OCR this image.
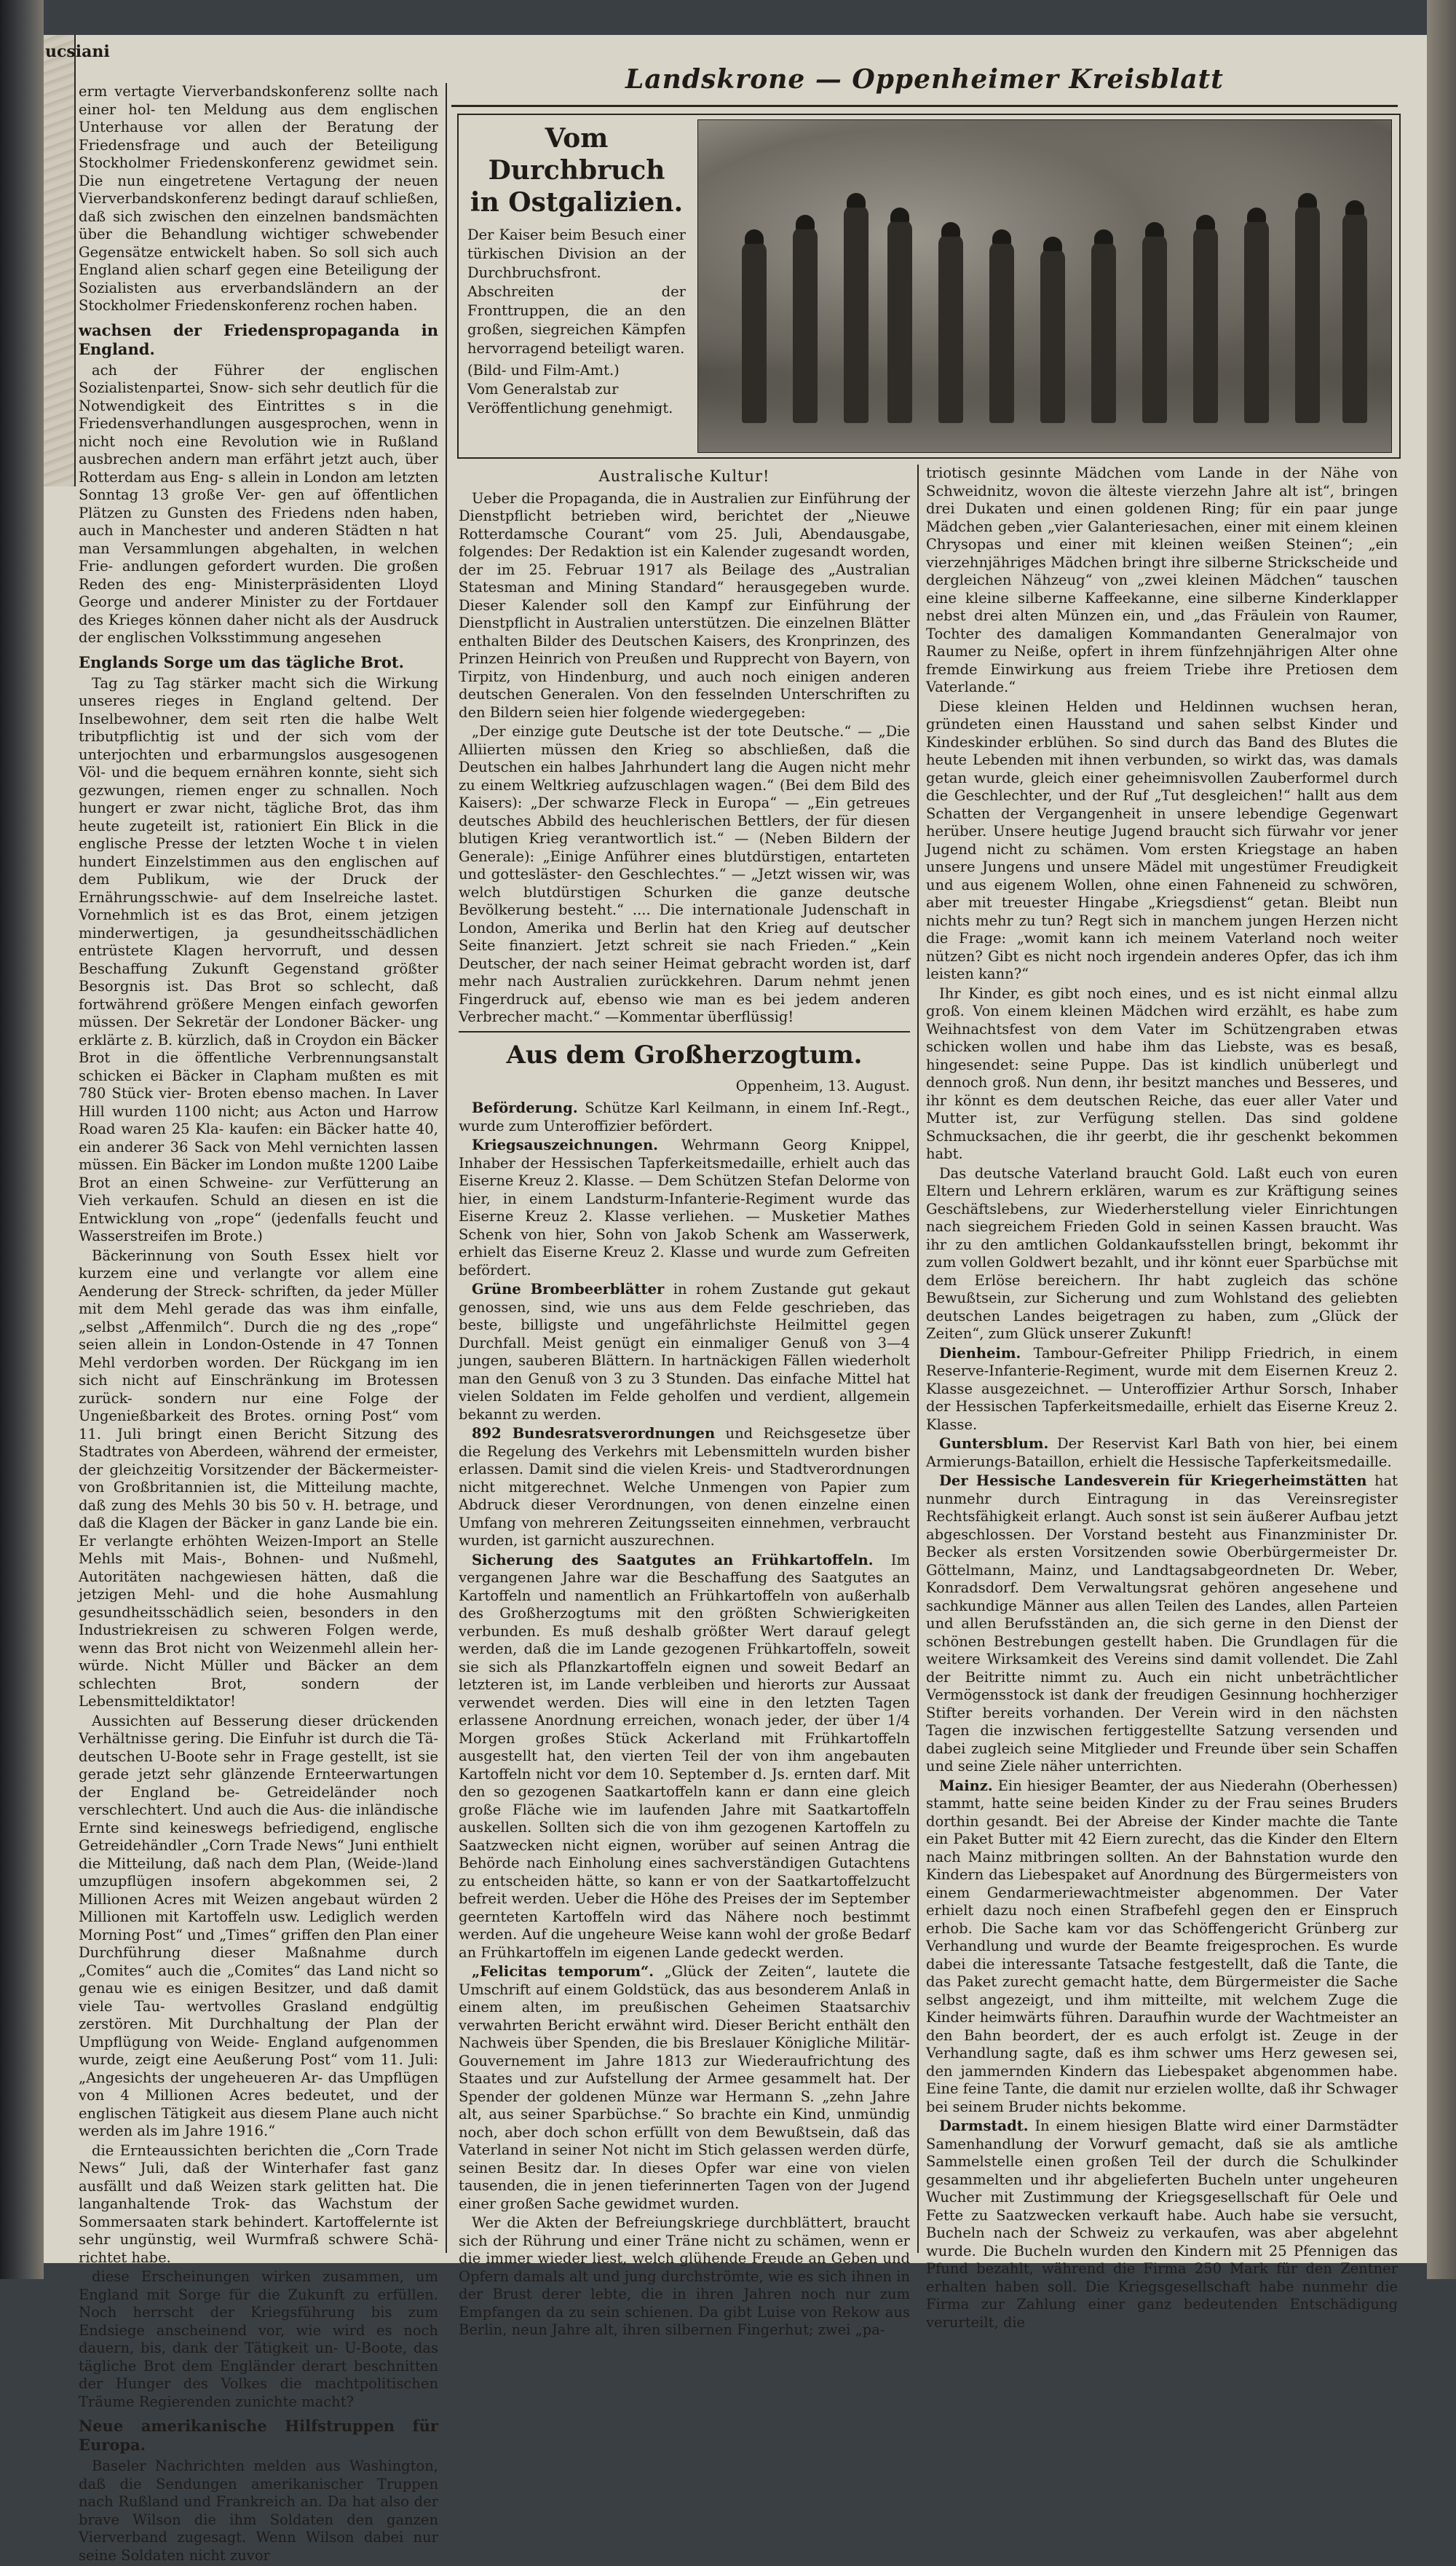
ucsiani
Landskrone — Oppenheimer Kreisblatt

erm vertagte Vierverbandskonferenz sollte nach einer hol- ten Meldung aus dem englischen Unterhause vor allen der Beratung der Friedensfrage und auch der Beteiligung Stockholmer Friedenskonferenz gewidmet sein. Die nun eingetretene Vertagung der neuen Vierverbandskonferenz bedingt darauf schließen, daß sich zwischen den einzelnen bandsmächten über die Behandlung wichtiger schwebender Gegensätze entwickelt haben. So soll sich auch England alien scharf gegen eine Beteiligung der Sozialisten aus erverbandsländern an der Stockholmer Friedenskonferenz rochen haben.

wachsen der Friedenspropaganda in England.

ach der Führer der englischen Sozialistenpartei, Snow- sich sehr deutlich für die Notwendigkeit des Eintrittes s in die Friedensverhandlungen ausgesprochen, wenn in nicht noch eine Revolution wie in Rußland ausbrechen andern man erfährt jetzt auch, über Rotterdam aus Eng- s allein in London am letzten Sonntag 13 große Ver- gen auf öffentlichen Plätzen zu Gunsten des Friedens nden haben, auch in Manchester und anderen Städten n hat man Versammlungen abgehalten, in welchen Frie- andlungen gefordert wurden. Die großen Reden des eng- Ministerpräsidenten Lloyd George und anderer Minister zu der Fortdauer des Krieges können daher nicht als der Ausdruck der englischen Volksstimmung angesehen

Englands Sorge um das tägliche Brot.

Tag zu Tag stärker macht sich die Wirkung unseres rieges in England geltend. Der Inselbewohner, dem seit rten die halbe Welt tributpflichtig ist und der sich vom der unterjochten und erbarmungslos ausgesogenen Völ- und die bequem ernähren konnte, sieht sich gezwungen, riemen enger zu schnallen. Noch hungert er zwar nicht, tägliche Brot, das ihm heute zugeteilt ist, rationiert Ein Blick in die englische Presse der letzten Woche t in vielen hundert Einzelstimmen aus den englischen auf dem Publikum, wie der Druck der Ernährungsschwie- auf dem Inselreiche lastet. Vornehmlich ist es das Brot, einem jetzigen minderwertigen, ja gesundheitsschädlichen entrüstete Klagen hervorruft, und dessen Beschaffung Zukunft Gegenstand größter Besorgnis ist. Das Brot so schlecht, daß fortwährend größere Mengen einfach geworfen müssen. Der Sekretär der Londoner Bäcker- ung erklärte z. B. kürzlich, daß in Croydon ein Bäcker Brot in die öffentliche Verbrennungsanstalt schicken ei Bäcker in Clapham mußten es mit 780 Stück vier- Broten ebenso machen. In Laver Hill wurden 1100 nicht; aus Acton und Harrow Road waren 25 Kla- kaufen: ein Bäcker hatte 40, ein anderer 36 Sack von Mehl vernichten lassen müssen. Ein Bäcker im London mußte 1200 Laibe Brot an einen Schweine- zur Verfütterung an Vieh verkaufen. Schuld an diesen en ist die Entwicklung von „rope“ (jedenfalls feucht und Wasserstreifen im Brote.)

Bäckerinnung von South Essex hielt vor kurzem eine und verlangte vor allem eine Aenderung der Streck- schriften, da jeder Müller mit dem Mehl gerade das was ihm einfalle, „selbst „Affenmilch“. Durch die ng des „rope“ seien allein in London-Ostende in 47 Tonnen Mehl verdorben worden. Der Rückgang im ien sich nicht auf Einschränkung im Brotessen zurück- sondern nur eine Folge der Ungenießbarkeit des Brotes. orning Post“ vom 11. Juli bringt einen Bericht Sitzung des Stadtrates von Aberdeen, während der ermeister, der gleichzeitig Vorsitzender der Bäckermeister- von Großbritannien ist, die Mitteilung machte, daß zung des Mehls 30 bis 50 v. H. betrage, und daß die Klagen der Bäcker in ganz Lande bie ein. Er verlangte erhöhten Weizen-Import an Stelle Mehls mit Mais-, Bohnen- und Nußmehl, Autoritäten nachgewiesen hätten, daß die jetzigen Mehl- und die hohe Ausmahlung gesundheitsschädlich seien, besonders in den Industriekreisen zu schweren Folgen werde, wenn das Brot nicht von Weizenmehl allein her- würde. Nicht Müller und Bäcker an dem schlechten Brot, sondern der Lebensmitteldiktator!

Aussichten auf Besserung dieser drückenden Verhältnisse gering. Die Einfuhr ist durch die Tä- deutschen U-Boote sehr in Frage gestellt, ist sie gerade jetzt sehr glänzende Ernteerwartungen der England be- Getreideländer noch verschlechtert. Und auch die Aus- die inländische Ernte sind keineswegs befriedigend, englische Getreidehändler „Corn Trade News“ Juni enthielt die Mitteilung, daß nach dem Plan, (Weide-)land umzupflügen insofern abgekommen sei, 2 Millionen Acres mit Weizen angebaut würden 2 Millionen mit Kartoffeln usw. Lediglich werden Morning Post“ und „Times“ griffen den Plan einer Durchführung dieser Maßnahme durch „Comites“ auch die „Comites“ das Land nicht so genau wie es einigen Besitzer, und daß damit viele Tau- wertvolles Grasland endgültig zerstören. Mit Durchhaltung der Plan der Umpflügung von Weide- England aufgenommen wurde, zeigt eine Aeußerung Post“ vom 11. Juli: „Angesichts der ungeheueren Ar- das Umpflügen von 4 Millionen Acres bedeutet, und der englischen Tätigkeit aus diesem Plane auch nicht werden als im Jahre 1916.“

die Ernteaussichten berichten die „Corn Trade News“ Juli, daß der Winterhafer fast ganz ausfällt und daß Weizen stark gelitten hat. Die langanhaltende Trok- das Wachstum der Sommersaaten stark behindert. Kartoffelernte ist sehr ungünstig, weil Wurmfraß schwere Schä- richtet habe.

diese Erscheinungen wirken zusammen, um England mit Sorge für die Zukunft zu erfüllen. Noch herrscht der Kriegsführung bis zum Endsiege anscheinend vor, wie wird es noch dauern, bis, dank der Tätigkeit un- U-Boote, das tägliche Brot dem Engländer derart beschnitten der Hunger des Volkes die machtpolitischen Träume Regierenden zunichte macht?

Neue amerikanische Hilfstruppen für Europa.

Baseler Nachrichten melden aus Washington, daß die Sendungen amerikanischer Truppen nach Rußland und Frankreich an. Da hat also der brave Wilson die ihm Soldaten den ganzen Vierverband zugesagt. Wenn Wilson dabei nur seine Soldaten nicht zuvor

Vom Durchbruch
in Ostgalizien.
Der Kaiser beim Besuch einer türkischen Division an der Durchbruchsfront. Abschreiten der Fronttruppen, die an den großen, siegreichen Kämpfen hervorragend beteiligt waren.
(Bild- und Film-Amt.)
Vom Generalstab zur Veröffentlichung genehmigt.
Australische Kultur!

Ueber die Propaganda, die in Australien zur Einführung der Dienstpflicht betrieben wird, berichtet der „Nieuwe Rotterdamsche Courant“ vom 25. Juli, Abendausgabe, folgendes: Der Redaktion ist ein Kalender zugesandt worden, der im 25. Februar 1917 als Beilage des „Australian Statesman and Mining Standard“ herausgegeben wurde. Dieser Kalender soll den Kampf zur Einführung der Dienstpflicht in Australien unterstützen. Die einzelnen Blätter enthalten Bilder des Deutschen Kaisers, des Kronprinzen, des Prinzen Heinrich von Preußen und Rupprecht von Bayern, von Tirpitz, von Hindenburg, und auch noch einigen anderen deutschen Generalen. Von den fesselnden Unterschriften zu den Bildern seien hier folgende wiedergegeben:

„Der einzige gute Deutsche ist der tote Deutsche.“ — „Die Alliierten müssen den Krieg so abschließen, daß die Deutschen ein halbes Jahrhundert lang die Augen nicht mehr zu einem Weltkrieg aufzuschlagen wagen.“ (Bei dem Bild des Kaisers): „Der schwarze Fleck in Europa“ — „Ein getreues deutsches Abbild des heuchlerischen Bettlers, der für diesen blutigen Krieg verantwortlich ist.“ — (Neben Bildern der Generale): „Einige Anführer eines blutdürstigen, entarteten und gottesläster- den Geschlechtes.“ — „Jetzt wissen wir, was welch blutdürstigen Schurken die ganze deutsche Bevölkerung besteht.“ .... Die internationale Judenschaft in London, Amerika und Berlin hat den Krieg auf deutscher Seite finanziert. Jetzt schreit sie nach Frieden.“ „Kein Deutscher, der nach seiner Heimat gebracht worden ist, darf mehr nach Australien zurückkehren. Darum nehmt jenen Fingerdruck auf, ebenso wie man es bei jedem anderen Verbrecher macht.“ —Kommentar überflüssig!

Aus dem Großherzogtum.
Oppenheim, 13. August.

Beförderung. Schütze Karl Keilmann, in einem Inf.-Regt., wurde zum Unteroffizier befördert.

Kriegsauszeichnungen. Wehrmann Georg Knippel, Inhaber der Hessischen Tapferkeitsmedaille, erhielt auch das Eiserne Kreuz 2. Klasse. — Dem Schützen Stefan Delorme von hier, in einem Landsturm-Infanterie-Regiment wurde das Eiserne Kreuz 2. Klasse verliehen. — Musketier Mathes Schenk von hier, Sohn von Jakob Schenk am Wasserwerk, erhielt das Eiserne Kreuz 2. Klasse und wurde zum Gefreiten befördert.

Grüne Brombeerblätter in rohem Zustande gut gekaut genossen, sind, wie uns aus dem Felde geschrieben, das beste, billigste und ungefährlichste Heilmittel gegen Durchfall. Meist genügt ein einmaliger Genuß von 3—4 jungen, sauberen Blättern. In hartnäckigen Fällen wiederholt man den Genuß von 3 zu 3 Stunden. Das einfache Mittel hat vielen Soldaten im Felde geholfen und verdient, allgemein bekannt zu werden.

892 Bundesratsverordnungen und Reichsgesetze über die Regelung des Verkehrs mit Lebensmitteln wurden bisher erlassen. Damit sind die vielen Kreis- und Stadtverordnungen nicht mitgerechnet. Welche Unmengen von Papier zum Abdruck dieser Verordnungen, von denen einzelne einen Umfang von mehreren Zeitungsseiten einnehmen, verbraucht wurden, ist garnicht auszurechnen.

Sicherung des Saatgutes an Frühkartoffeln. Im vergangenen Jahre war die Beschaffung des Saatgutes an Kartoffeln und namentlich an Frühkartoffeln von außerhalb des Großherzogtums mit den größten Schwierigkeiten verbunden. Es muß deshalb größter Wert darauf gelegt werden, daß die im Lande gezogenen Frühkartoffeln, soweit sie sich als Pflanzkartoffeln eignen und soweit Bedarf an letzteren ist, im Lande verbleiben und hierorts zur Aussaat verwendet werden. Dies will eine in den letzten Tagen erlassene Anordnung erreichen, wonach jeder, der über 1/4 Morgen großes Stück Ackerland mit Frühkartoffeln ausgestellt hat, den vierten Teil der von ihm angebauten Kartoffeln nicht vor dem 10. September d. Js. ernten darf. Mit den so gezogenen Saatkartoffeln kann er dann eine gleich große Fläche wie im laufenden Jahre mit Saatkartoffeln auskellen. Sollten sich die von ihm gezogenen Kartoffeln zu Saatzwecken nicht eignen, worüber auf seinen Antrag die Behörde nach Einholung eines sachverständigen Gutachtens zu entscheiden hätte, so kann er von der Saatkartoffelzucht befreit werden. Ueber die Höhe des Preises der im September geernteten Kartoffeln wird das Nähere noch bestimmt werden. Auf die ungeheure Weise kann wohl der große Bedarf an Frühkartoffeln im eigenen Lande gedeckt werden.

„Felicitas temporum“. „Glück der Zeiten“, lautete die Umschrift auf einem Goldstück, das aus besonderem Anlaß in einem alten, im preußischen Geheimen Staatsarchiv verwahrten Bericht erwähnt wird. Dieser Bericht enthält den Nachweis über Spenden, die bis Breslauer Königliche Militär-Gouvernement im Jahre 1813 zur Wiederaufrichtung des Staates und zur Aufstellung der Armee gesammelt hat. Der Spender der goldenen Münze war Hermann S. „zehn Jahre alt, aus seiner Sparbüchse.“ So brachte ein Kind, unmündig noch, aber doch schon erfüllt von dem Bewußtsein, daß das Vaterland in seiner Not nicht im Stich gelassen werden dürfe, seinen Besitz dar. In dieses Opfer war eine von vielen tausenden, die in jenen tieferinnerten Tagen von der Jugend einer großen Sache gewidmet wurden.

Wer die Akten der Befreiungskriege durchblättert, braucht sich der Rührung und einer Träne nicht zu schämen, wenn er die immer wieder liest, welch glühende Freude an Geben und Opfern damals alt und jung durchströmte, wie es sich ihnen in der Brust derer lebte, die in ihren Jahren noch nur zum Empfangen da zu sein schienen. Da gibt Luise von Rekow aus Berlin, neun Jahre alt, ihren silbernen Fingerhut; zwei „pa-

triotisch gesinnte Mädchen vom Lande in der Nähe von Schweidnitz, wovon die älteste vierzehn Jahre alt ist“, bringen drei Dukaten und einen goldenen Ring; für ein paar junge Mädchen geben „vier Galanteriesachen, einer mit einem kleinen Chrysopas und einer mit kleinen weißen Steinen“; „ein vierzehnjähriges Mädchen bringt ihre silberne Strickscheide und dergleichen Nähzeug“ von „zwei kleinen Mädchen“ tauschen eine kleine silberne Kaffeekanne, eine silberne Kinderklapper nebst drei alten Münzen ein, und „das Fräulein von Raumer, Tochter des damaligen Kommandanten Generalmajor von Raumer zu Neiße, opfert in ihrem fünfzehnjährigen Alter ohne fremde Einwirkung aus freiem Triebe ihre Pretiosen dem Vaterlande.“

Diese kleinen Helden und Heldinnen wuchsen heran, gründeten einen Hausstand und sahen selbst Kinder und Kindeskinder erblühen. So sind durch das Band des Blutes die heute Lebenden mit ihnen verbunden, so wirkt das, was damals getan wurde, gleich einer geheimnisvollen Zauberformel durch die Geschlechter, und der Ruf „Tut desgleichen!“ hallt aus dem Schatten der Vergangenheit in unsere lebendige Gegenwart herüber. Unsere heutige Jugend braucht sich fürwahr vor jener Jugend nicht zu schämen. Vom ersten Kriegstage an haben unsere Jungens und unsere Mädel mit ungestümer Freudigkeit und aus eigenem Wollen, ohne einen Fahneneid zu schwören, aber mit treuester Hingabe „Kriegsdienst“ getan. Bleibt nun nichts mehr zu tun? Regt sich in manchem jungen Herzen nicht die Frage: „womit kann ich meinem Vaterland noch weiter nützen? Gibt es nicht noch irgendein anderes Opfer, das ich ihm leisten kann?“

Ihr Kinder, es gibt noch eines, und es ist nicht einmal allzu groß. Von einem kleinen Mädchen wird erzählt, es habe zum Weihnachtsfest von dem Vater im Schützengraben etwas schicken wollen und habe ihm das Liebste, was es besaß, hingesendet: seine Puppe. Das ist kindlich unüberlegt und dennoch groß. Nun denn, ihr besitzt manches und Besseres, und ihr könnt es dem deutschen Reiche, das euer aller Vater und Mutter ist, zur Verfügung stellen. Das sind goldene Schmucksachen, die ihr geerbt, die ihr geschenkt bekommen habt.

Das deutsche Vaterland braucht Gold. Laßt euch von euren Eltern und Lehrern erklären, warum es zur Kräftigung seines Geschäftslebens, zur Wiederherstellung vieler Einrichtungen nach siegreichem Frieden Gold in seinen Kassen braucht. Was ihr zu den amtlichen Goldankaufsstellen bringt, bekommt ihr zum vollen Goldwert bezahlt, und ihr könnt euer Sparbüchse mit dem Erlöse bereichern. Ihr habt zugleich das schöne Bewußtsein, zur Sicherung und zum Wohlstand des geliebten deutschen Landes beigetragen zu haben, zum „Glück der Zeiten“, zum Glück unserer Zukunft!

Dienheim. Tambour-Gefreiter Philipp Friedrich, in einem Reserve-Infanterie-Regiment, wurde mit dem Eisernen Kreuz 2. Klasse ausgezeichnet. — Unteroffizier Arthur Sorsch, Inhaber der Hessischen Tapferkeitsmedaille, erhielt das Eiserne Kreuz 2. Klasse.

Guntersblum. Der Reservist Karl Bath von hier, bei einem Armierungs-Bataillon, erhielt die Hessische Tapferkeitsmedaille.

Der Hessische Landesverein für Kriegerheimstätten hat nunmehr durch Eintragung in das Vereinsregister Rechtsfähigkeit erlangt. Auch sonst ist sein äußerer Aufbau jetzt abgeschlossen. Der Vorstand besteht aus Finanzminister Dr. Becker als ersten Vorsitzenden sowie Oberbürgermeister Dr. Göttelmann, Mainz, und Landtagsabgeordneten Dr. Weber, Konradsdorf. Dem Verwaltungsrat gehören angesehene und sachkundige Männer aus allen Teilen des Landes, allen Parteien und allen Berufsständen an, die sich gerne in den Dienst der schönen Bestrebungen gestellt haben. Die Grundlagen für die weitere Wirksamkeit des Vereins sind damit vollendet. Die Zahl der Beitritte nimmt zu. Auch ein nicht unbeträchtlicher Vermögensstock ist dank der freudigen Gesinnung hochherziger Stifter bereits vorhanden. Der Verein wird in den nächsten Tagen die inzwischen fertiggestellte Satzung versenden und dabei zugleich seine Mitglieder und Freunde über sein Schaffen und seine Ziele näher unterrichten.

Mainz. Ein hiesiger Beamter, der aus Niederahn (Oberhessen) stammt, hatte seine beiden Kinder zu der Frau seines Bruders dorthin gesandt. Bei der Abreise der Kinder machte die Tante ein Paket Butter mit 42 Eiern zurecht, das die Kinder den Eltern nach Mainz mitbringen sollten. An der Bahnstation wurde den Kindern das Liebespaket auf Anordnung des Bürgermeisters von einem Gendarmeriewachtmeister abgenommen. Der Vater erhielt dazu noch einen Strafbefehl gegen den er Einspruch erhob. Die Sache kam vor das Schöffengericht Grünberg zur Verhandlung und wurde der Beamte freigesprochen. Es wurde dabei die interessante Tatsache festgestellt, daß die Tante, die das Paket zurecht gemacht hatte, dem Bürgermeister die Sache selbst angezeigt, und ihm mitteilte, mit welchem Zuge die Kinder heimwärts führen. Daraufhin wurde der Wachtmeister an den Bahn beordert, der es auch erfolgt ist. Zeuge in der Verhandlung sagte, daß es ihm schwer ums Herz gewesen sei, den jammernden Kindern das Liebespaket abgenommen habe. Eine feine Tante, die damit nur erzielen wollte, daß ihr Schwager bei seinem Bruder nichts bekomme.

Darmstadt. In einem hiesigen Blatte wird einer Darmstädter Samenhandlung der Vorwurf gemacht, daß sie als amtliche Sammelstelle einen großen Teil der durch die Schulkinder gesammelten und ihr abgelieferten Bucheln unter ungeheuren Wucher mit Zustimmung der Kriegsgesellschaft für Oele und Fette zu Saatzwecken verkauft habe. Auch habe sie versucht, Bucheln nach der Schweiz zu verkaufen, was aber abgelehnt wurde. Die Bucheln wurden den Kindern mit 25 Pfennigen das Pfund bezahlt, während die Firma 250 Mark für den Zentner erhalten haben soll. Die Kriegsgesellschaft habe nunmehr die Firma zur Zahlung einer ganz bedeutenden Entschädigung verurteilt, die
